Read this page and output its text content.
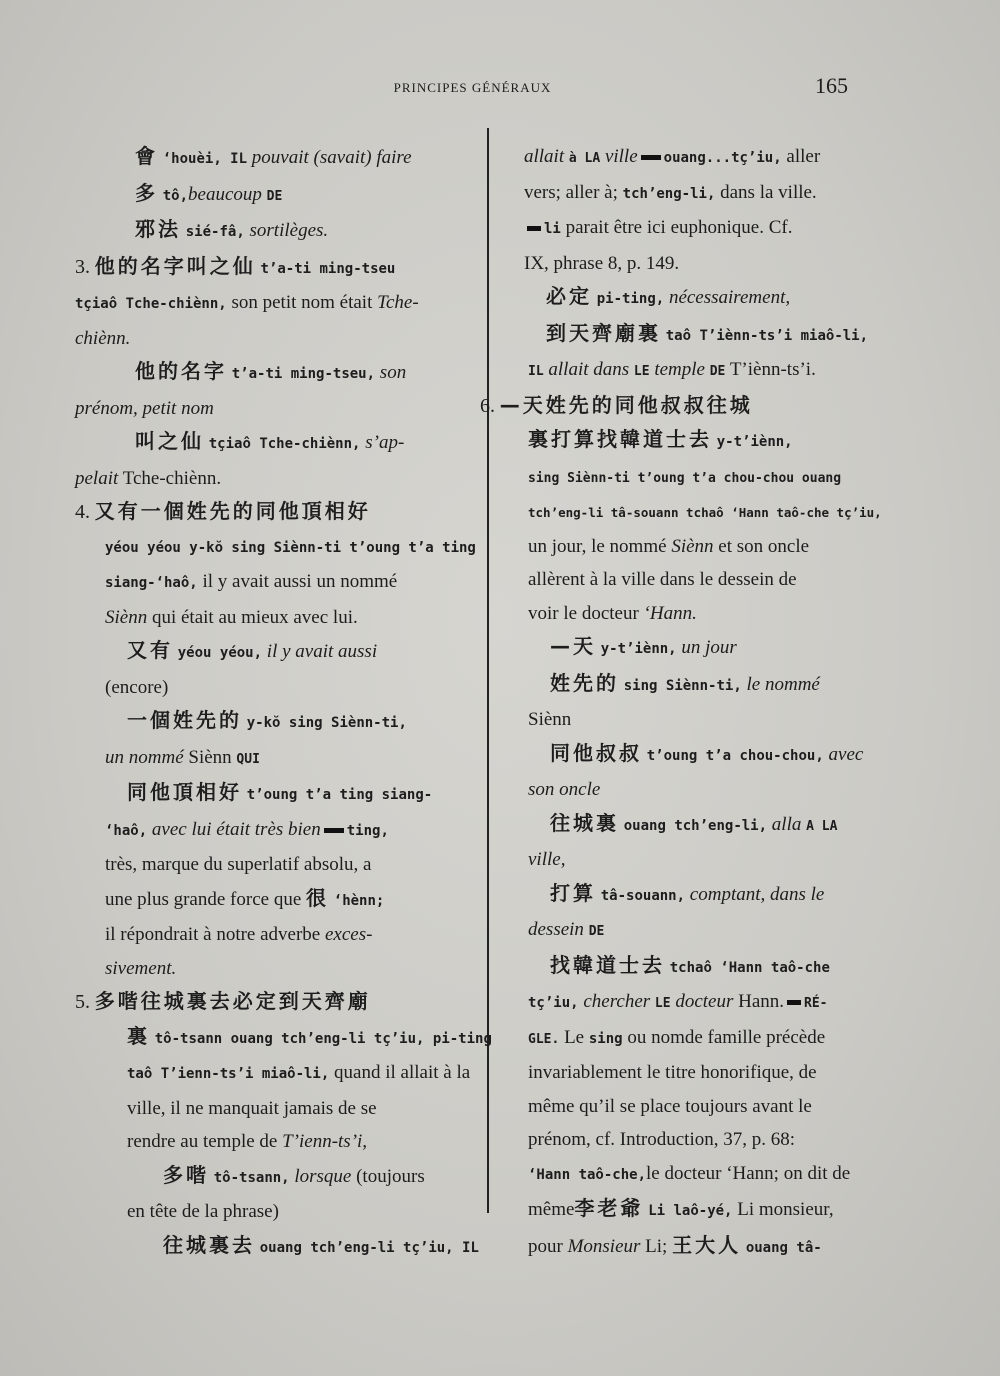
PRINCIPES GÉNÉRAUX	165
會 ‘houèi, IL pouvait (savait) faire
多 tô,beaucoup DE
邪法 sié-fâ, sortilèges.
3. 他的名字叫之仙 t’a-ti ming-tseu
tçiaô Tche-chiènn, son petit nom était Tche-
chiènn.
他的名字 t’a-ti ming-tseu, son
prénom, petit nom
叫之仙 tçiaô Tche-chiènn, s’ap-
pelait Tche-chiènn.
4. 又有一個姓先的同他頂相好
yéou yéou y-kŏ sing Siènn-ti t’oung t’a ting
siang-‘haô, il y avait aussi un nommé
Siènn qui était au mieux avec lui.
又有 yéou yéou, il y avait aussi
(encore)
一個姓先的 y-kŏ sing Siènn-ti,
un nommé Siènn QUI
同他頂相好 t’oung t’a ting siang-
‘haô, avec lui était très bien ting,
très, marque du superlatif absolu, a
une plus grande force que 很 ‘hènn;
il répondrait à notre adverbe exces-
sivement.
5. 多喈往城裏去必定到天齊廟
裏 tô-tsann ouang tch’eng-li tç’iu, pi-ting
taô T’ienn-ts’i miaô-li, quand il allait à la
ville, il ne manquait jamais de se
rendre au temple de T’ienn-ts’i,
多喈 tô-tsann, lorsque (toujours
en tête de la phrase)
往城裏去 ouang tch’eng-li tç’iu, IL
allait à LA ville ouang...tç’iu, aller
vers; aller à; tch’eng-li, dans la ville.
li parait être ici euphonique. Cf.
IX, phrase 8, p. 149.
必定 pi-ting, nécessairement,
到天齊廟裏 taô T’iènn-ts’i miaô-li,
IL allait dans LE temple DE T’iènn-ts’i.
6. —天姓先的同他叔叔往城
裏打算找韓道士去 y-t’iènn,
sing Siènn-ti t’oung t’a chou-chou ouang
tch’eng-li tâ-souann tchaô ‘Hann taô-che tç’iu,
un jour, le nommé Siènn et son oncle
allèrent à la ville dans le dessein de
voir le docteur ‘Hann.
—天 y-t’iènn, un jour
姓先的 sing Siènn-ti, le nommé
Siènn
同他叔叔 t’oung t’a chou-chou, avec
son oncle
往城裏 ouang tch’eng-li, alla A LA
ville,
打算 tâ-souann, comptant, dans le
dessein DE
找韓道士去 tchaô ‘Hann taô-che
tç’iu, chercher LE docteur Hann. RÉ-
GLE. Le sing ou nomde famille précède
invariablement le titre honorifique, de
même qu’il se place toujours avant le
prénom, cf. Introduction, 37, p. 68:
‘Hann taô-che,le docteur ‘Hann; on dit de
même李老爺 Li laô-yé, Li monsieur,
pour Monsieur Li; 王大人 ouang tâ-
